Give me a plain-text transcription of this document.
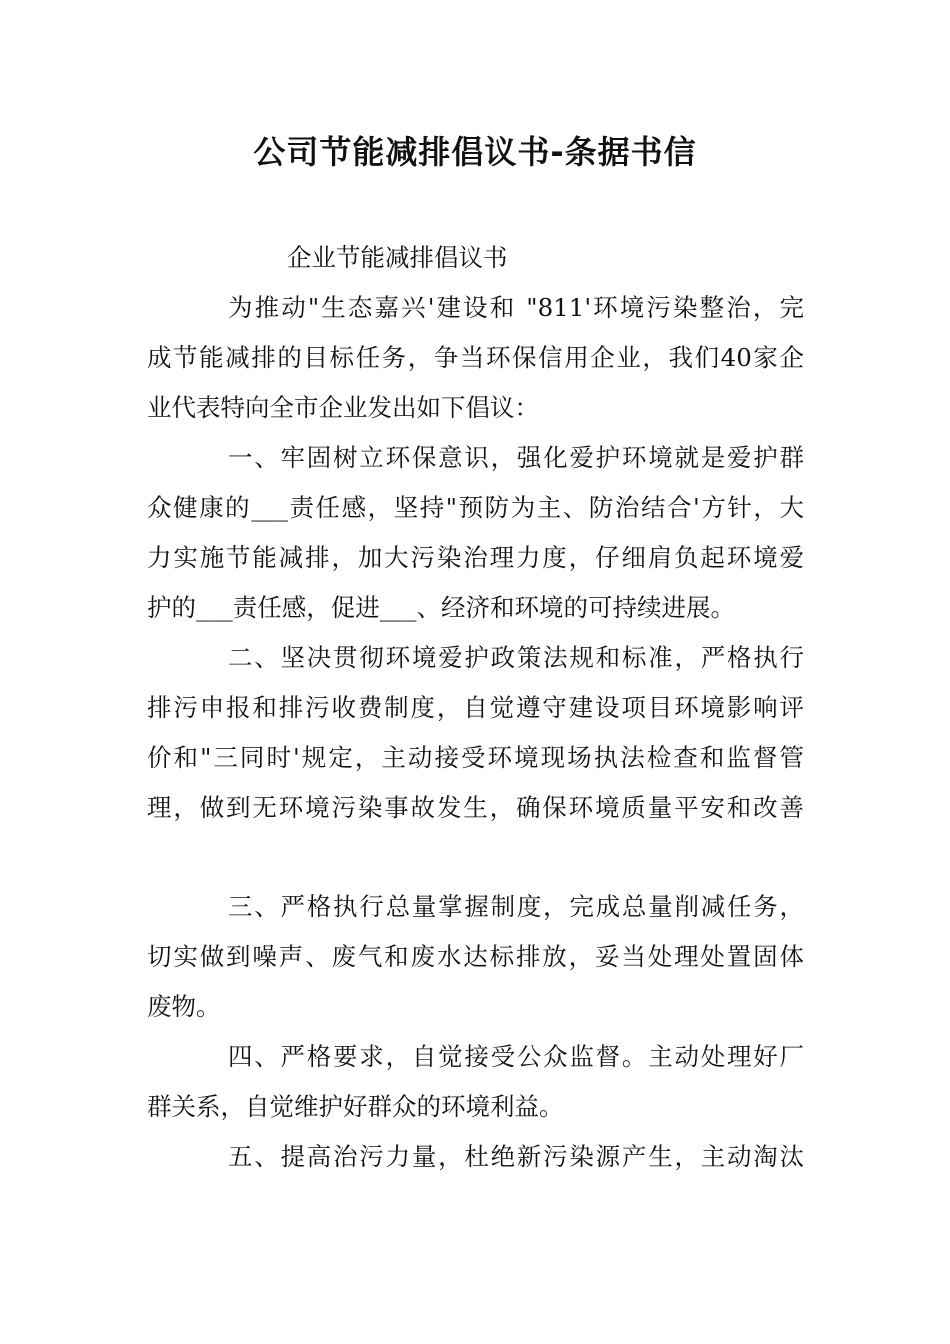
公司节能减排倡议书-条据书信

企业节能减排倡议书

为推动"生态嘉兴'建设和 "811'环境污染整治，完

成节能减排的目标任务，争当环保信用企业，我们40家企

业代表特向全市企业发出如下倡议：

一、牢固树立环保意识，强化爱护环境就是爱护群

众健康的___责任感，坚持"预防为主、防治结合'方针，大

力实施节能减排，加大污染治理力度，仔细肩负起环境爱

护的___责任感，促进___、经济和环境的可持续进展。

二、坚决贯彻环境爱护政策法规和标准，严格执行

排污申报和排污收费制度，自觉遵守建设项目环境影响评

价和"三同时'规定，主动接受环境现场执法检查和监督管

理，做到无环境污染事故发生，确保环境质量平安和改善

三、严格执行总量掌握制度，完成总量削减任务，

切实做到噪声、废气和废水达标排放，妥当处理处置固体

废物。

四、严格要求，自觉接受公众监督。主动处理好厂

群关系，自觉维护好群众的环境利益。

五、提高治污力量，杜绝新污染源产生，主动淘汰
